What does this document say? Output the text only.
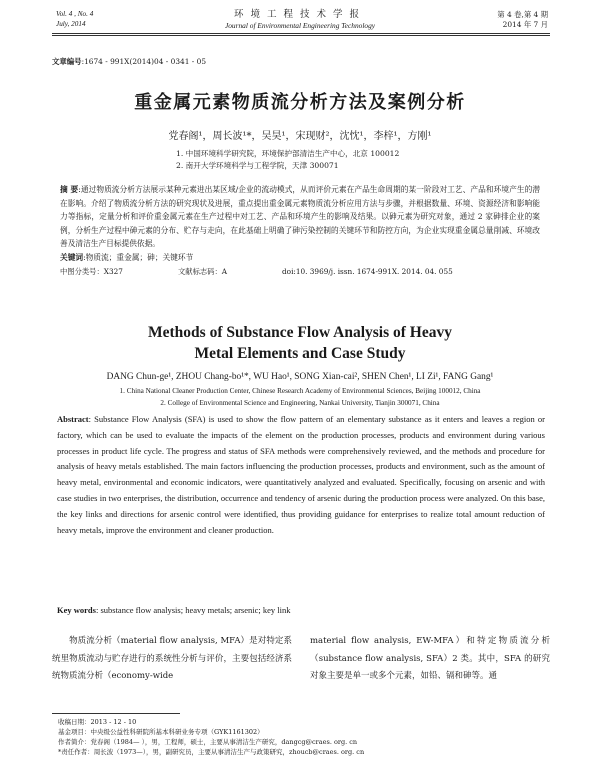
Vol. 4 , No. 4
July, 2014
环境工程技术学报
Journal of Environmental Engineering Technology
第 4 卷,第 4 期
2014 年 7 月
文章编号:1674 - 991X(2014)04 - 0341 - 05
重金属元素物质流分析方法及案例分析
党春阁¹，周长波¹*，吴昊¹，宋现财²，沈忱¹，李梓¹，方刚¹
1. 中国环境科学研究院，环境保护部清洁生产中心，北京 100012
2. 南开大学环境科学与工程学院，天津 300071
摘 要:通过物质流分析方法展示某种元素进出某区域/企业的流动模式，从而评价元素在产品生命周期的某一阶段对工艺、产品和环境产生的潜在影响。介绍了物质流分析方法的研究现状及进展，重点提出重金属元素物质流分析应用方法与步骤，并根据数量、环境、资源经济和影响能力等指标，定量分析和评价重金属元素在生产过程中对工艺、产品和环境产生的影响及结果。以砷元素为研究对象，通过 2 家砷排企业的案例，分析生产过程中砷元素的分布、贮存与走向，在此基础上明确了砷污染控制的关键环节和防控方向，为企业实现重金属总量削减、环境改善及清洁生产目标提供依据。
关键词:物质流；重金属；砷；关键环节
中图分类号：X327	文献标志码：A	doi:10. 3969/j. issn. 1674-991X. 2014. 04. 055
Methods of Substance Flow Analysis of Heavy
Metal Elements and Case Study
DANG Chun-ge¹, ZHOU Chang-bo¹*, WU Hao¹, SONG Xian-cai², SHEN Chen¹, LI Zi¹, FANG Gang¹
1. China National Cleaner Production Center, Chinese Research Academy of Environmental Sciences, Beijing 100012, China
2. College of Environmental Science and Engineering, Nankai University, Tianjin 300071, China
Abstract: Substance Flow Analysis (SFA) is used to show the flow pattern of an elementary substance as it enters and leaves a region or factory, which can be used to evaluate the impacts of the element on the production processes, products and environment during various processes in product life cycle. The progress and status of SFA methods were comprehensively reviewed, and the methods and procedure for analysis of heavy metals established. The main factors influencing the production processes, products and environment, such as the amount of heavy metal, environmental and economic indicators, were quantitatively analyzed and evaluated. Specifically, focusing on arsenic and with case studies in two enterprises, the distribution, occurrence and tendency of arsenic during the production process were analyzed. On this base, the key links and directions for arsenic control were identified, thus providing guidance for enterprises to realize total amount reduction of heavy metals, improve the environment and cleaner production.
Key words: substance flow analysis; heavy metals; arsenic; key link
物质流分析（material flow analysis, MFA）是对特定系统里物质流动与贮存进行的系统性分析与评价，主要包括经济系统物质流分析（economy-wide
material flow analysis, EW-MFA）和特定物质流分析（substance flow analysis, SFA）2 类。其中，SFA 的研究对象主要是单一或多个元素，如铅、镉和砷等。通
收稿日期：2013 - 12 - 10
基金项目：中央级公益性科研院所基本科研业务专项（GYK1161302）
作者简介：党春阁（1984— ），男，工程师，硕士，主要从事清洁生产研究，dangcg@craes. org. cn
*责任作者：周长波（1973—），男，副研究员，主要从事清洁生产与政策研究，zhoucb@craes. org. cn
